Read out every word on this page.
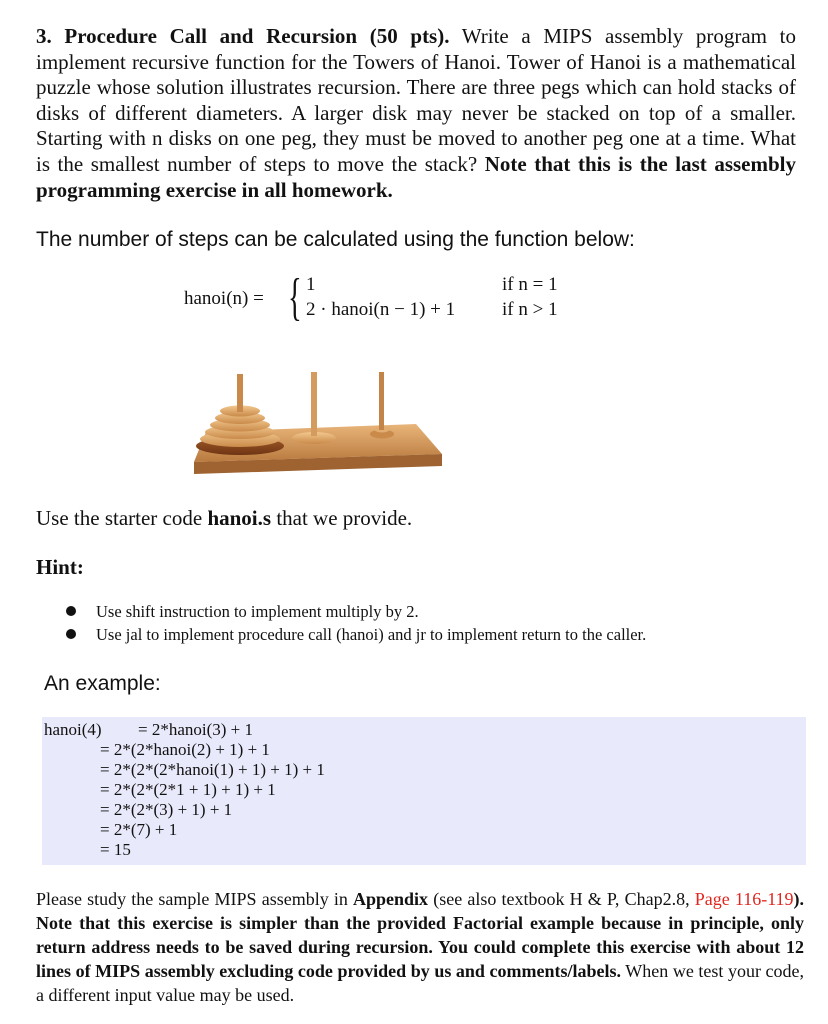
3. Procedure Call and Recursion (50 pts). Write a MIPS assembly program to implement recursive function for the Towers of Hanoi. Tower of Hanoi is a mathematical puzzle whose solution illustrates recursion. There are three pegs which can hold stacks of disks of different diameters. A larger disk may never be stacked on top of a smaller. Starting with n disks on one peg, they must be moved to another peg one at a time. What is the smallest number of steps to move the stack? Note that this is the last assembly programming exercise in all homework.
The number of steps can be calculated using the function below:
hanoi(n) = { 1	if n = 1
2 · hanoi(n − 1) + 1 if n > 1
Use the starter code hanoi.s that we provide.
Hint:
Use shift instruction to implement multiply by 2.
Use jal to implement procedure call (hanoi) and jr to implement return to the caller.
An example:
hanoi(4) = 2*hanoi(3) + 1
= 2*(2*hanoi(2) + 1) + 1
= 2*(2*(2*hanoi(1) + 1) + 1) + 1
= 2*(2*(2*1 + 1) + 1) + 1
= 2*(2*(3) + 1) + 1
= 2*(7) + 1
= 15
Please study the sample MIPS assembly in Appendix (see also textbook H & P, Chap2.8, Page 116-119). Note that this exercise is simpler than the provided Factorial example because in principle, only return address needs to be saved during recursion. You could complete this exercise with about 12 lines of MIPS assembly excluding code provided by us and comments/labels. When we test your code, a different input value may be used.
